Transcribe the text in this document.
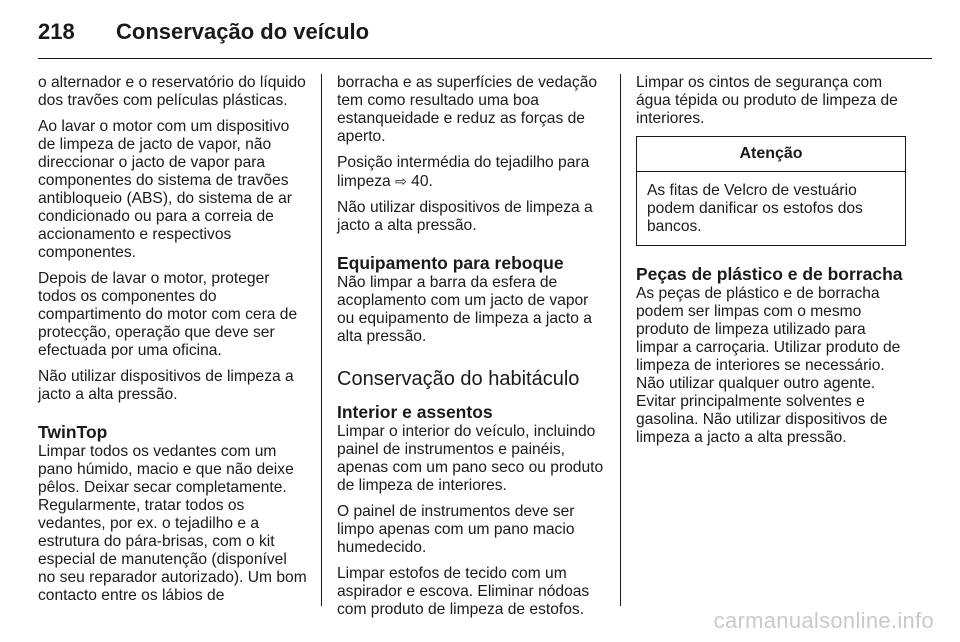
218	Conservação do veículo

o alternador e o reservatório do líquido dos travões com películas plásticas.

Ao lavar o motor com um dispositivo de limpeza de jacto de vapor, não direccionar o jacto de vapor para componentes do sistema de travões antibloqueio (ABS), do sistema de ar condicionado ou para a correia de accionamento e respectivos componentes.

Depois de lavar o motor, proteger todos os componentes do compartimento do motor com cera de protecção, operação que deve ser efectuada por uma oficina.

Não utilizar dispositivos de limpeza a jacto a alta pressão.

TwinTop

Limpar todos os vedantes com um pano húmido, macio e que não deixe pêlos. Deixar secar completamente. Regularmente, tratar todos os vedantes, por ex. o tejadilho e a estrutura do pára-brisas, com o kit especial de manutenção (disponível no seu reparador autorizado). Um bom contacto entre os lábios de

borracha e as superfícies de vedação tem como resultado uma boa estanqueidade e reduz as forças de aperto.

Posição intermédia do tejadilho para limpeza ⇨ 40.

Não utilizar dispositivos de limpeza a jacto a alta pressão.

Equipamento para reboque

Não limpar a barra da esfera de acoplamento com um jacto de vapor ou equipamento de limpeza a jacto a alta pressão.

Conservação do habitáculo
Interior e assentos

Limpar o interior do veículo, incluindo painel de instrumentos e painéis, apenas com um pano seco ou produto de limpeza de interiores.

O painel de instrumentos deve ser limpo apenas com um pano macio humedecido.

Limpar estofos de tecido com um aspirador e escova. Eliminar nódoas com produto de limpeza de estofos.

Limpar os cintos de segurança com água tépida ou produto de limpeza de interiores.

Atenção
As fitas de Velcro de vestuário podem danificar os estofos dos bancos.
Peças de plástico e de borracha

As peças de plástico e de borracha podem ser limpas com o mesmo produto de limpeza utilizado para limpar a carroçaria. Utilizar produto de limpeza de interiores se necessário. Não utilizar qualquer outro agente. Evitar principalmente solventes e gasolina. Não utilizar dispositivos de limpeza a jacto a alta pressão.

carmanualsonline.info
